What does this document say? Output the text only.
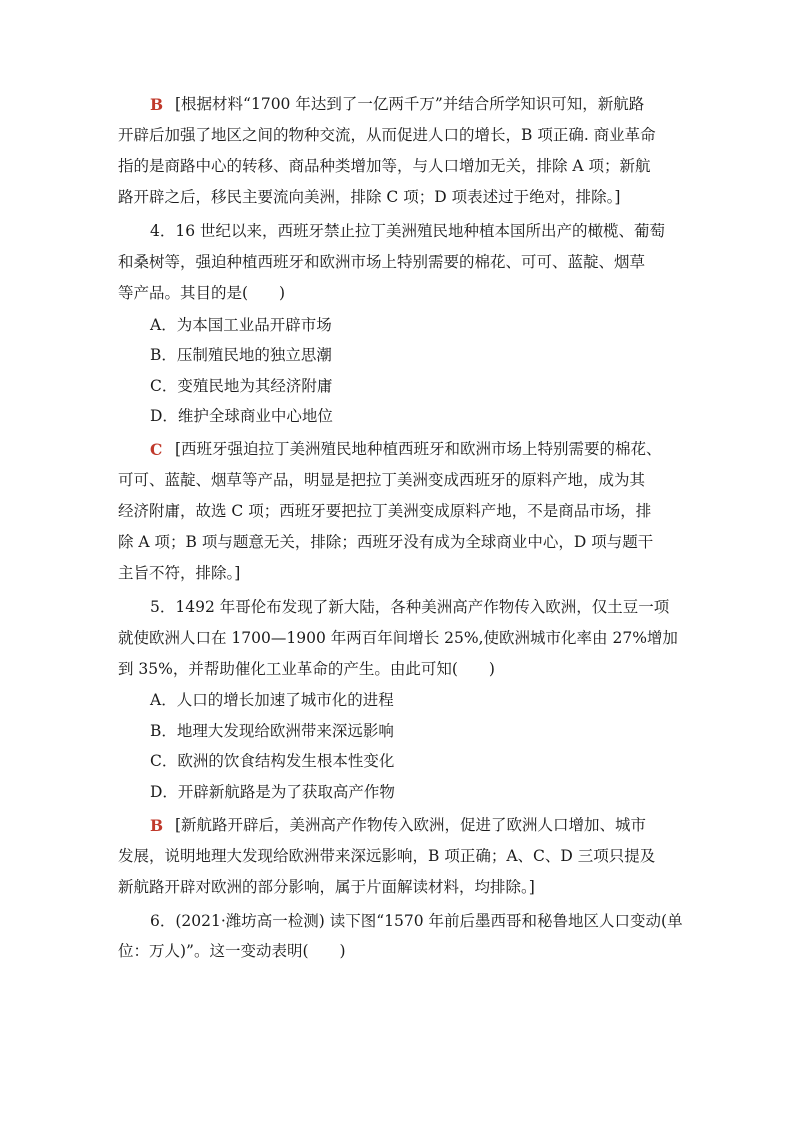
B [根据材料“1700 年达到了一亿两千万”并结合所学知识可知，新航路
开辟后加强了地区之间的物种交流，从而促进人口的增长，B 项正确. 商业革命
指的是商路中心的转移、商品种类增加等，与人口增加无关，排除 A 项；新航
路开辟之后，移民主要流向美洲，排除 C 项；D 项表述过于绝对，排除。]
4．16 世纪以来，西班牙禁止拉丁美洲殖民地种植本国所出产的橄榄、葡萄
和桑树等，强迫种植西班牙和欧洲市场上特别需要的棉花、可可、蓝靛、烟草
等产品。其目的是(　　)
A．为本国工业品开辟市场
B．压制殖民地的独立思潮
C．变殖民地为其经济附庸
D．维护全球商业中心地位
C [西班牙强迫拉丁美洲殖民地种植西班牙和欧洲市场上特别需要的棉花、
可可、蓝靛、烟草等产品，明显是把拉丁美洲变成西班牙的原料产地，成为其
经济附庸，故选 C 项；西班牙要把拉丁美洲变成原料产地，不是商品市场，排
除 A 项；B 项与题意无关，排除；西班牙没有成为全球商业中心，D 项与题干
主旨不符，排除。]
5．1492 年哥伦布发现了新大陆，各种美洲高产作物传入欧洲，仅土豆一项
就使欧洲人口在 1700—1900 年两百年间增长 25%,使欧洲城市化率由 27%增加
到 35%，并帮助催化工业革命的产生。由此可知(　　)
A．人口的增长加速了城市化的进程
B．地理大发现给欧洲带来深远影响
C．欧洲的饮食结构发生根本性变化
D．开辟新航路是为了获取高产作物
B [新航路开辟后，美洲高产作物传入欧洲，促进了欧洲人口增加、城市
发展，说明地理大发现给欧洲带来深远影响，B 项正确；A、C、D 三项只提及
新航路开辟对欧洲的部分影响，属于片面解读材料，均排除。]
6．(2021·潍坊高一检测) 读下图“1570 年前后墨西哥和秘鲁地区人口变动(单
位：万人)”。这一变动表明(　　)
